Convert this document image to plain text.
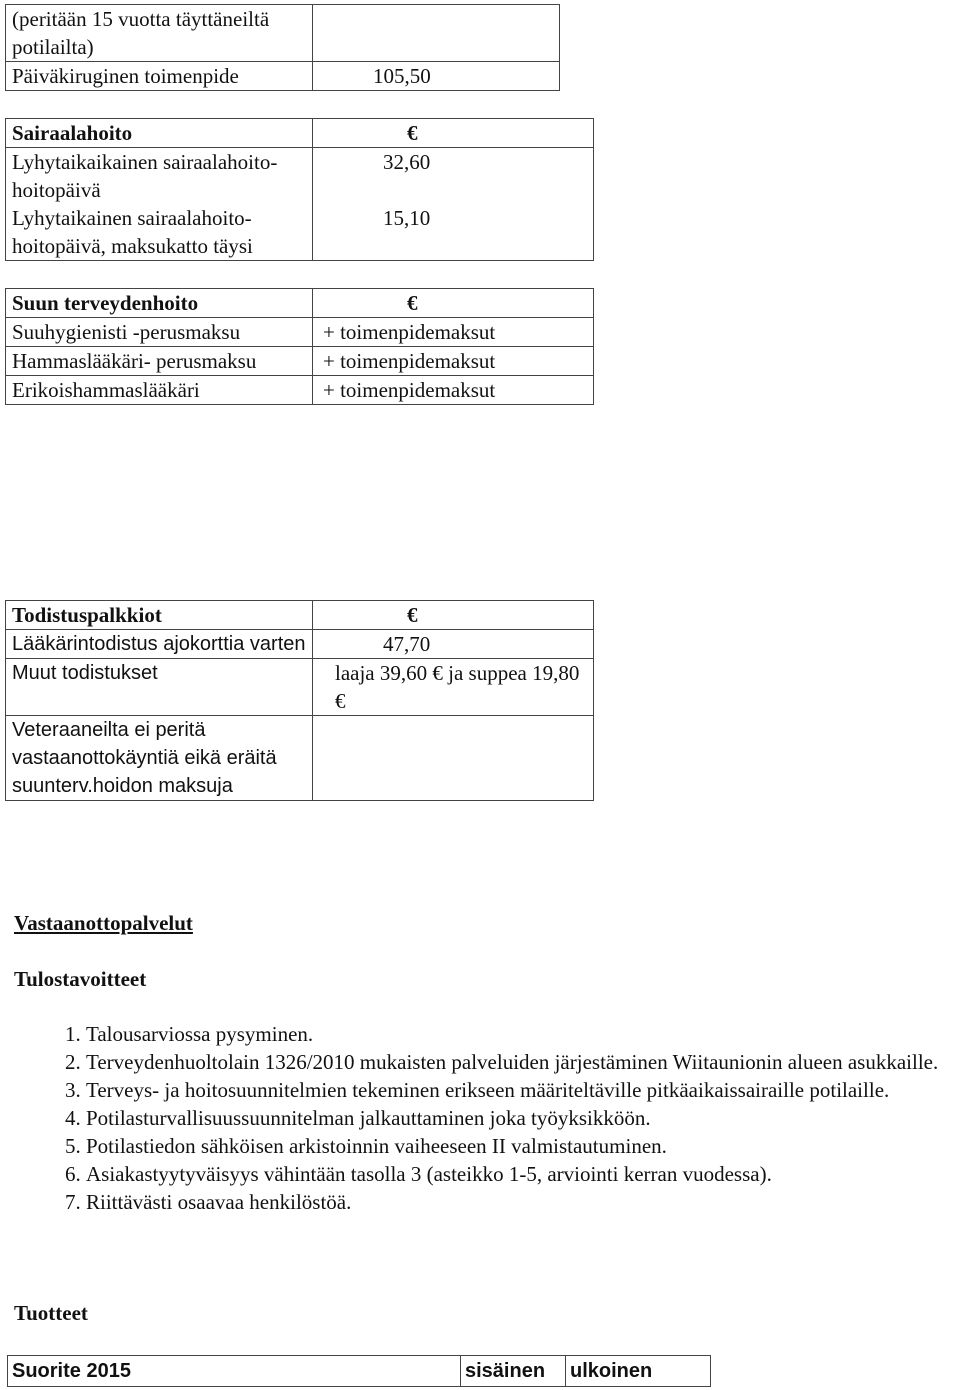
(peritään 15 vuotta täyttäneiltä potilailta)	
Päiväkiruginen toimenpide	105,50
Sairaalahoito	€
Lyhytaikaikainen sairaalahoito- hoitopäivä	32,60
Lyhytaikainen sairaalahoito-hoitopäivä, maksukatto täysi	15,10
Suun terveydenhoito	€
Suuhygienisti -perusmaksu	+ toimenpidemaksut
Hammaslääkäri- perusmaksu	+ toimenpidemaksut
Erikoishammaslääkäri	+ toimenpidemaksut
Todistuspalkkiot	€
Lääkärintodistus ajokorttia varten	47,70
Muut todistukset	laaja 39,60 € ja suppea 19,80 €
Veteraaneilta ei peritä vastaanottokäyntiä eikä eräitä suunterv.hoidon maksuja	

Vastaanottopalvelut

Tulostavoitteet

1. Talousarviossa pysyminen.
2. Terveydenhuoltolain 1326/2010 mukaisten palveluiden järjestäminen Wiitaunionin alueen asukkaille.
3. Terveys- ja hoitosuunnitelmien tekeminen erikseen määriteltäville pitkäaikaissairaille potilaille.
4. Potilasturvallisuussuunnitelman jalkauttaminen joka työyksikköön.
5. Potilastiedon sähköisen arkistoinnin vaiheeseen II valmistautuminen.
6. Asiakastyytyväisyys vähintään tasolla 3 (asteikko 1-5, arviointi kerran vuodessa).
7. Riittävästi osaavaa henkilöstöä.

Tuotteet

Suorite 2015	sisäinen	ulkoinen
